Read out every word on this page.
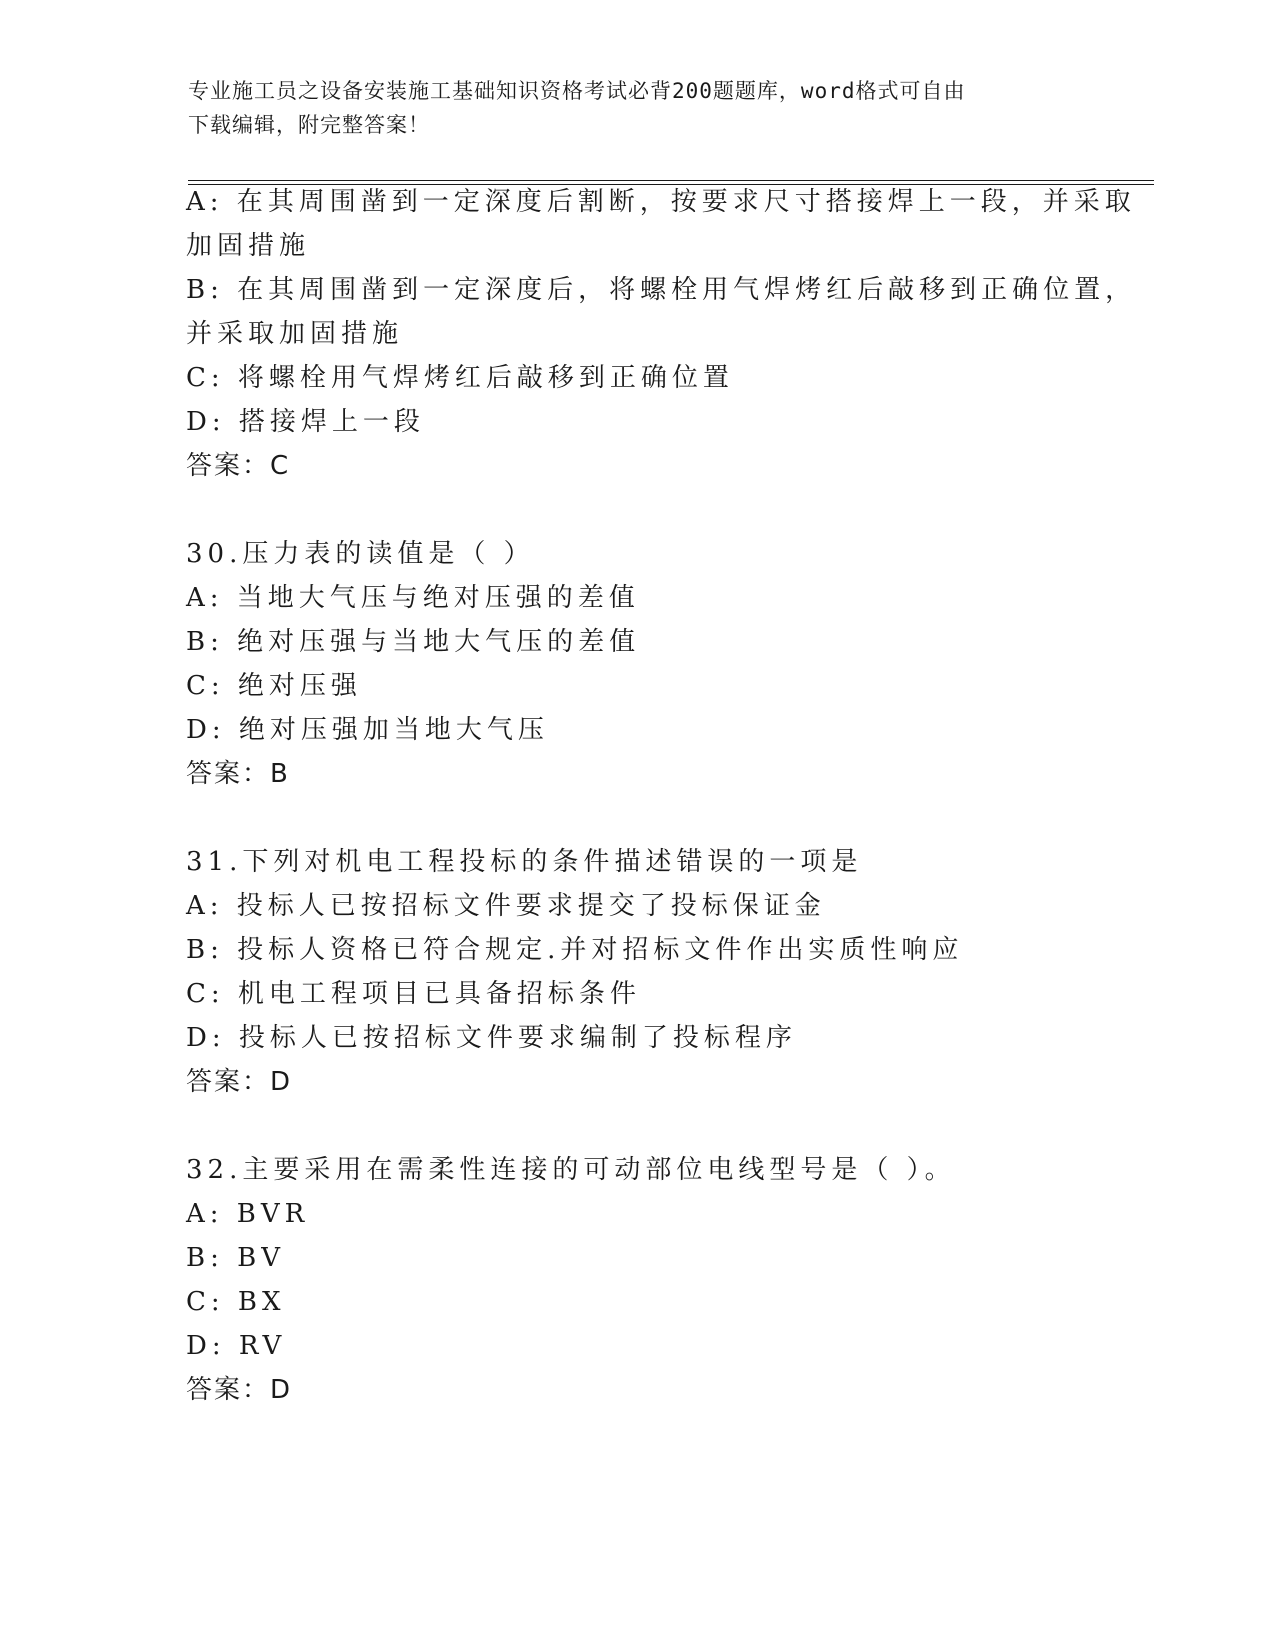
专业施工员之设备安装施工基础知识资格考试必背200题题库，word格式可自由
下载编辑，附完整答案！
A: 在其周围凿到一定深度后割断，按要求尺寸搭接焊上一段，并采取
加固措施
B: 在其周围凿到一定深度后，将螺栓用气焊烤红后敲移到正确位置，
并采取加固措施
C: 将螺栓用气焊烤红后敲移到正确位置
D: 搭接焊上一段
答案：C
30.压力表的读值是（ ）
A: 当地大气压与绝对压强的差值
B: 绝对压强与当地大气压的差值
C: 绝对压强
D: 绝对压强加当地大气压
答案：B
31.下列对机电工程投标的条件描述错误的一项是
A: 投标人已按招标文件要求提交了投标保证金
B: 投标人资格已符合规定.并对招标文件作出实质性响应
C: 机电工程项目已具备招标条件
D: 投标人已按招标文件要求编制了投标程序
答案：D
32.主要采用在需柔性连接的可动部位电线型号是（ ）。
A: BVR
B: BV
C: BX
D: RV
答案：D
